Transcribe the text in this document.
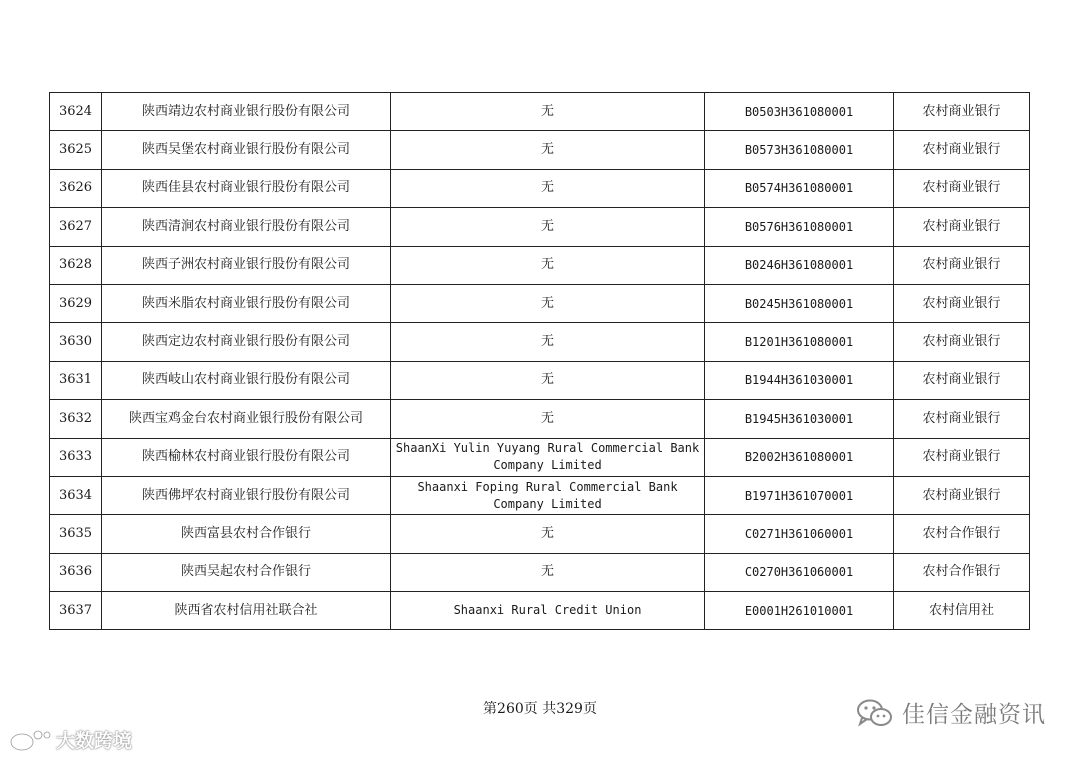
3624	陕西靖边农村商业银行股份有限公司	无	B0503H361080001	农村商业银行
3625	陕西吴堡农村商业银行股份有限公司	无	B0573H361080001	农村商业银行
3626	陕西佳县农村商业银行股份有限公司	无	B0574H361080001	农村商业银行
3627	陕西清涧农村商业银行股份有限公司	无	B0576H361080001	农村商业银行
3628	陕西子洲农村商业银行股份有限公司	无	B0246H361080001	农村商业银行
3629	陕西米脂农村商业银行股份有限公司	无	B0245H361080001	农村商业银行
3630	陕西定边农村商业银行股份有限公司	无	B1201H361080001	农村商业银行
3631	陕西岐山农村商业银行股份有限公司	无	B1944H361030001	农村商业银行
3632	陕西宝鸡金台农村商业银行股份有限公司	无	B1945H361030001	农村商业银行
3633	陕西榆林农村商业银行股份有限公司	ShaanXi Yulin Yuyang Rural Commercial Bank Company Limited	B2002H361080001	农村商业银行
3634	陕西佛坪农村商业银行股份有限公司	Shaanxi Foping Rural Commercial Bank Company Limited	B1971H361070001	农村商业银行
3635	陕西富县农村合作银行	无	C0271H361060001	农村合作银行
3636	陕西吴起农村合作银行	无	C0270H361060001	农村合作银行
3637	陕西省农村信用社联合社	Shaanxi Rural Credit Union	E0001H261010001	农村信用社
第260页 共329页	佳信金融资讯
大数跨境
